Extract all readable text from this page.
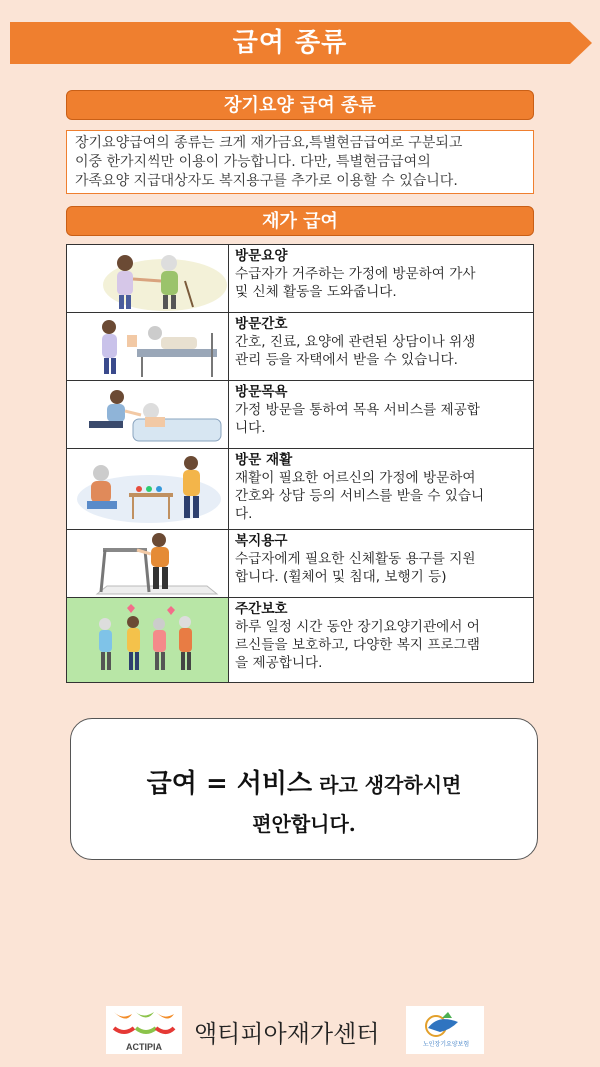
급여 종류
장기요양 급여 종류
장기요양급여의 종류는 크게 재가금요,특별현금급여로 구분되고
이중 한가지씩만 이용이 가능합니다. 다만, 특별현금급여의
가족요양 지급대상자도 복지용구를 추가로 이용할 수 있습니다.
재가 급여

방문요양
수급자가 거주하는 가정에 방문하여 가사
및 신체 활동을 도와줍니다.

방문간호
간호, 진료, 요양에 관련된 상담이나 위생
관리 등을 자택에서 받을 수 있습니다.

방문목욕
가정 방문을 통하여 목욕 서비스를 제공합
니다.

방문 재활
재활이 필요한 어르신의 가정에 방문하여
간호와 상담 등의 서비스를 받을 수 있습니
다.

복지용구
수급자에게 필요한 신체활동 용구를 지원
합니다. (휠체어 및 침대, 보행기 등)

주간보호
하루 일정 시간 동안 장기요양기관에서 어
르신들을 보호하고, 다양한 복지 프로그램
을 제공합니다.
급여 = 서비스 라고 생각하시면
편안합니다.
ACTIPIA 액티피아재가센터	노인장기요양보험
